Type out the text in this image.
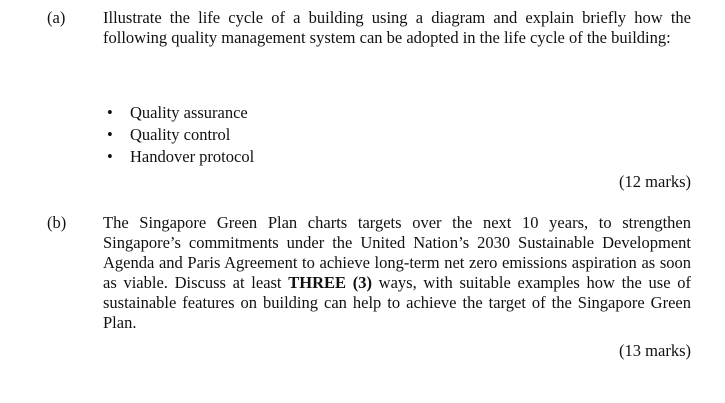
(a) Illustrate the life cycle of a building using a diagram and explain briefly how the following quality management system can be adopted in the life cycle of the building:
• Quality assurance
• Quality control
• Handover protocol
(12 marks)
(b) The Singapore Green Plan charts targets over the next 10 years, to strengthen Singapore’s commitments under the United Nation’s 2030 Sustainable Development Agenda and Paris Agreement to achieve long-term net zero emissions aspiration as soon as viable. Discuss at least THREE (3) ways, with suitable examples how the use of sustainable features on building can help to achieve the target of the Singapore Green Plan.
(13 marks)
